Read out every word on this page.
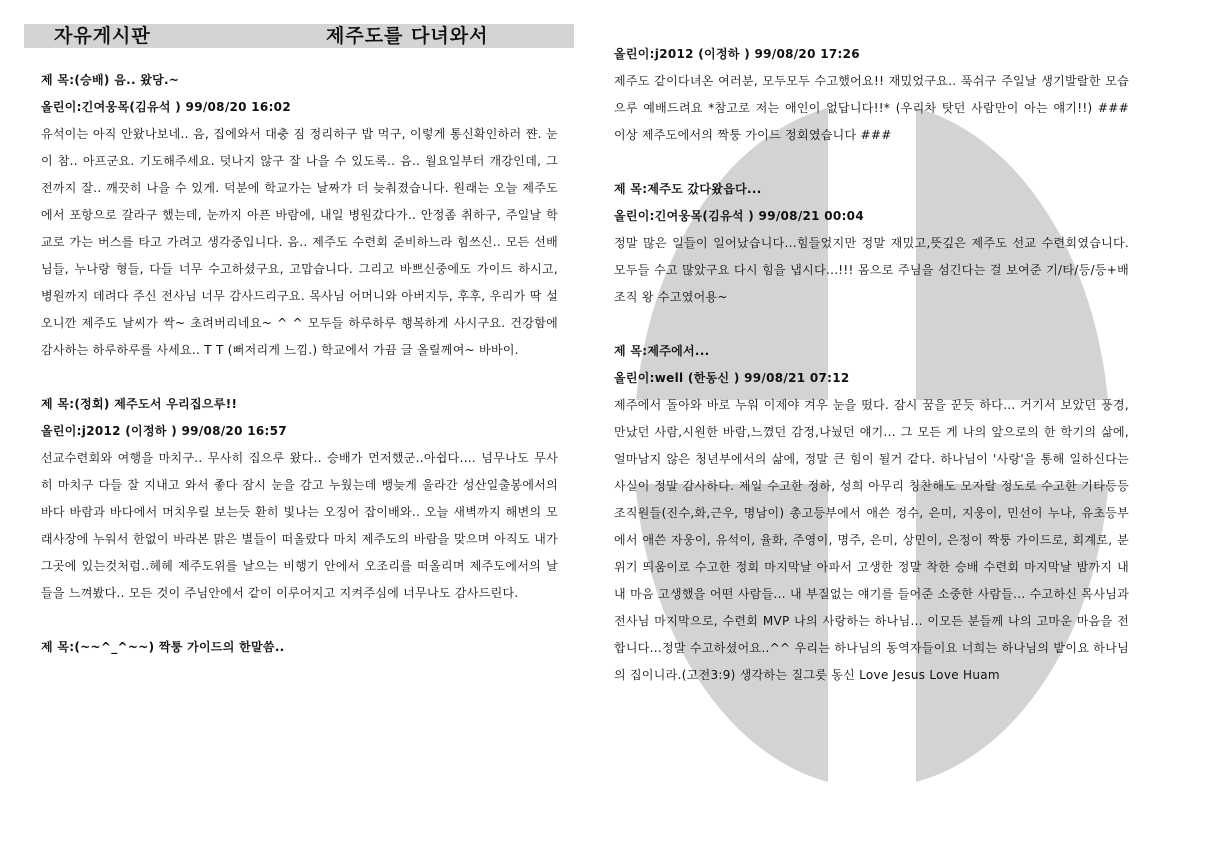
자유게시판	제주도를 다녀와서
제 목:(승배) 음.. 왔당.~
올린이:긴여웅목(김유석 ) 99/08/20 16:02
유석이는 아직 안왔나보네.. 음, 집에와서 대충 짐 정리하구 밥 먹구, 이렇게 통신확인하러 쨘. 눈이 참.. 아프군요. 기도해주세요. 덧나지 않구 잘 나을 수 있도록.. 음.. 월요일부터 개강인데, 그전까지 잘.. 깨끗히 나을 수 있게. 덕분에 학교가는 날짜가 더 늦춰졌습니다. 원래는 오늘 제주도에서 포항으로 갈라구 했는데, 눈까지 아픈 바람에, 내일 병원갔다가.. 안정좀 취하구, 주일날 학교로 가는 버스를 타고 가려고 생각중입니다. 음.. 제주도 수련회 준비하느라 힘쓰신.. 모든 선배님들, 누나랑 형들, 다들 너무 수고하셨구요, 고맙습니다. 그리고 바쁘신중에도 가이드 하시고, 병원까지 데려다 주신 전사님 너무 감사드리구요. 목사님 어머니와 아버지두, 후후, 우리가 딱 설 오니깐 제주도 날씨가 싹~ 초려버리네요~ ^ ^ 모두들 하루하루 행복하게 사시구요. 건강함에 감사하는 하루하루를 사세요.. T T (뻐저리게 느낌.) 학교에서 가끔 글 올릴께여~ 바바이.
제 목:(정회) 제주도서 우리집으루!!
올린이:j2012 (이정하 ) 99/08/20 16:57
선교수련회와 여행을 마치구.. 무사히 집으루 왔다.. 승배가 먼저했군..아쉽다.... 넘무나도 무사히 마치구 다들 잘 지내고 와서 좋다 잠시 눈을 감고 누웠는데 뱅늦게 울라간 성산일출봉에서의 바다 바람과 바다에서 머치우릴 보는듯 환히 빛나는 오징어 잡이배와.. 오늘 새벽까지 해변의 모래사장에 누워서 한없이 바라본 맑은 별들이 떠올랐다 마치 제주도의 바람을 맞으며 아직도 내가 그곳에 있는것처럼..헤헤 제주도위를 날으는 비행기 안에서 오조리를 떠올리며 제주도에서의 날들을 느껴봤다.. 모든 것이 주님안에서 같이 이루어지고 지켜주심에 너무나도 감사드린다.
제 목:(~~^_^~~) 짝퉁 가이드의 한말씀..
올린이:j2012 (이정하 ) 99/08/20 17:26
제주도 같이다녀온 여러분, 모두모두 수고했어요!! 재밌었구요.. 푹쉬구 주일날 생기발랄한 모습으루 예배드려요 *참고로 저는 애인이 없답니다!!* (우리차 탓던 사람만이 아는 얘기!!) ### 이상 제주도에서의 짝퉁 가이드 정회였습니다 ###
제 목:제주도 갔다왔읍다...
올린이:긴여웅목(김유석 ) 99/08/21 00:04
정말 많은 일들이 일어났습니다...힘들었지만 정말 재밌고,뜻깊은 제주도 선교 수련회였습니다.모두들 수고 많았구요 다시 힘을 냅시다...!!! 몸으로 주님을 섬긴다는 걸 보여준 기/타/등/등+배 조직 왕 수고였어용~
제 목:제주에서...
올린이:well (한동신 ) 99/08/21 07:12
제주에서 돌아와 바로 누워 이제야 겨우 눈을 떴다. 잠시 꿈을 꾼듯 하다... 거기서 보았던 풍경, 만났던 사람,시원한 바람,느꼈던 감정,나눴던 얘기... 그 모든 게 나의 앞으로의 한 학기의 삶에, 얼마남지 않은 청년부에서의 삶에, 정말 큰 힘이 될거 같다. 하나님이 '사랑'을 통해 일하신다는 사실이 정말 감사하다. 제일 수고한 정하, 성희 아무리 칭찬해도 모자랄 정도로 수고한 기타등등 조직원들(진수,화,근우, 명남이) 총고등부에서 애쓴 정수, 은미, 지웅이, 민선이 누나, 유초등부에서 애쓴 자웅이, 유석이, 율화, 주영이, 명주, 은미, 상민이, 은정이 짝퉁 가이드로, 회계로, 분위기 띄움이로 수고한 정회 마지막날 아파서 고생한 정말 착한 승배 수련회 마지막날 밤까지 내내 마음 고생했을 어떤 사람들... 내 부질없는 얘기를 들어준 소중한 사람들... 수고하신 목사님과 전사님 마지막으로, 수련회 MVP 나의 사랑하는 하나님... 이모든 분들께 나의 고마운 마음을 전합니다...정말 수고하셨어요..^^ 우리는 하나님의 동역자들이요 너희는 하나님의 밭이요 하나님의 집이니라.(고전3:9) 생각하는 질그릇 동신 Love Jesus Love Huam
